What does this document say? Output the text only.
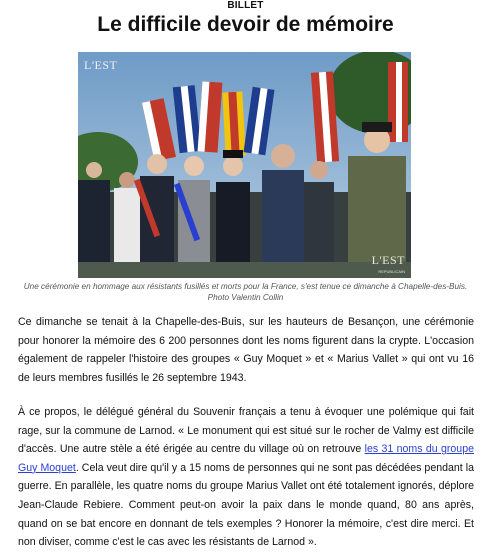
BILLET
Le difficile devoir de mémoire
L'EST
L'EST
REPUBLICAIN
Une cérémonie en hommage aux résistants fusillés et morts pour la France, s'est tenue ce dimanche à Chapelle-des-Buis. Photo Valentin Collin

Ce dimanche se tenait à la Chapelle-des-Buis, sur les hauteurs de Besançon, une cérémonie pour honorer la mémoire des 6 200 personnes dont les noms figurent dans la crypte. L'occasion également de rappeler l'histoire des groupes « Guy Moquet » et « Marius Vallet » qui ont vu 16 de leurs membres fusillés le 26 septembre 1943.

À ce propos, le délégué général du Souvenir français a tenu à évoquer une polémique qui fait rage, sur la commune de Larnod. « Le monument qui est situé sur le rocher de Valmy est difficile d'accès. Une autre stèle a été érigée au centre du village où on retrouve les 31 noms du groupe Guy Moquet. Cela veut dire qu'il y a 15 noms de personnes qui ne sont pas décédées pendant la guerre. En parallèle, les quatre noms du groupe Marius Vallet ont été totalement ignorés, déplore Jean-Claude Rebiere. Comment peut-on avoir la paix dans le monde quand, 80 ans après, quand on se bat encore en donnant de tels exemples ? Honorer la mémoire, c'est dire merci. Et non diviser, comme c'est le cas avec les résistants de Larnod ».
